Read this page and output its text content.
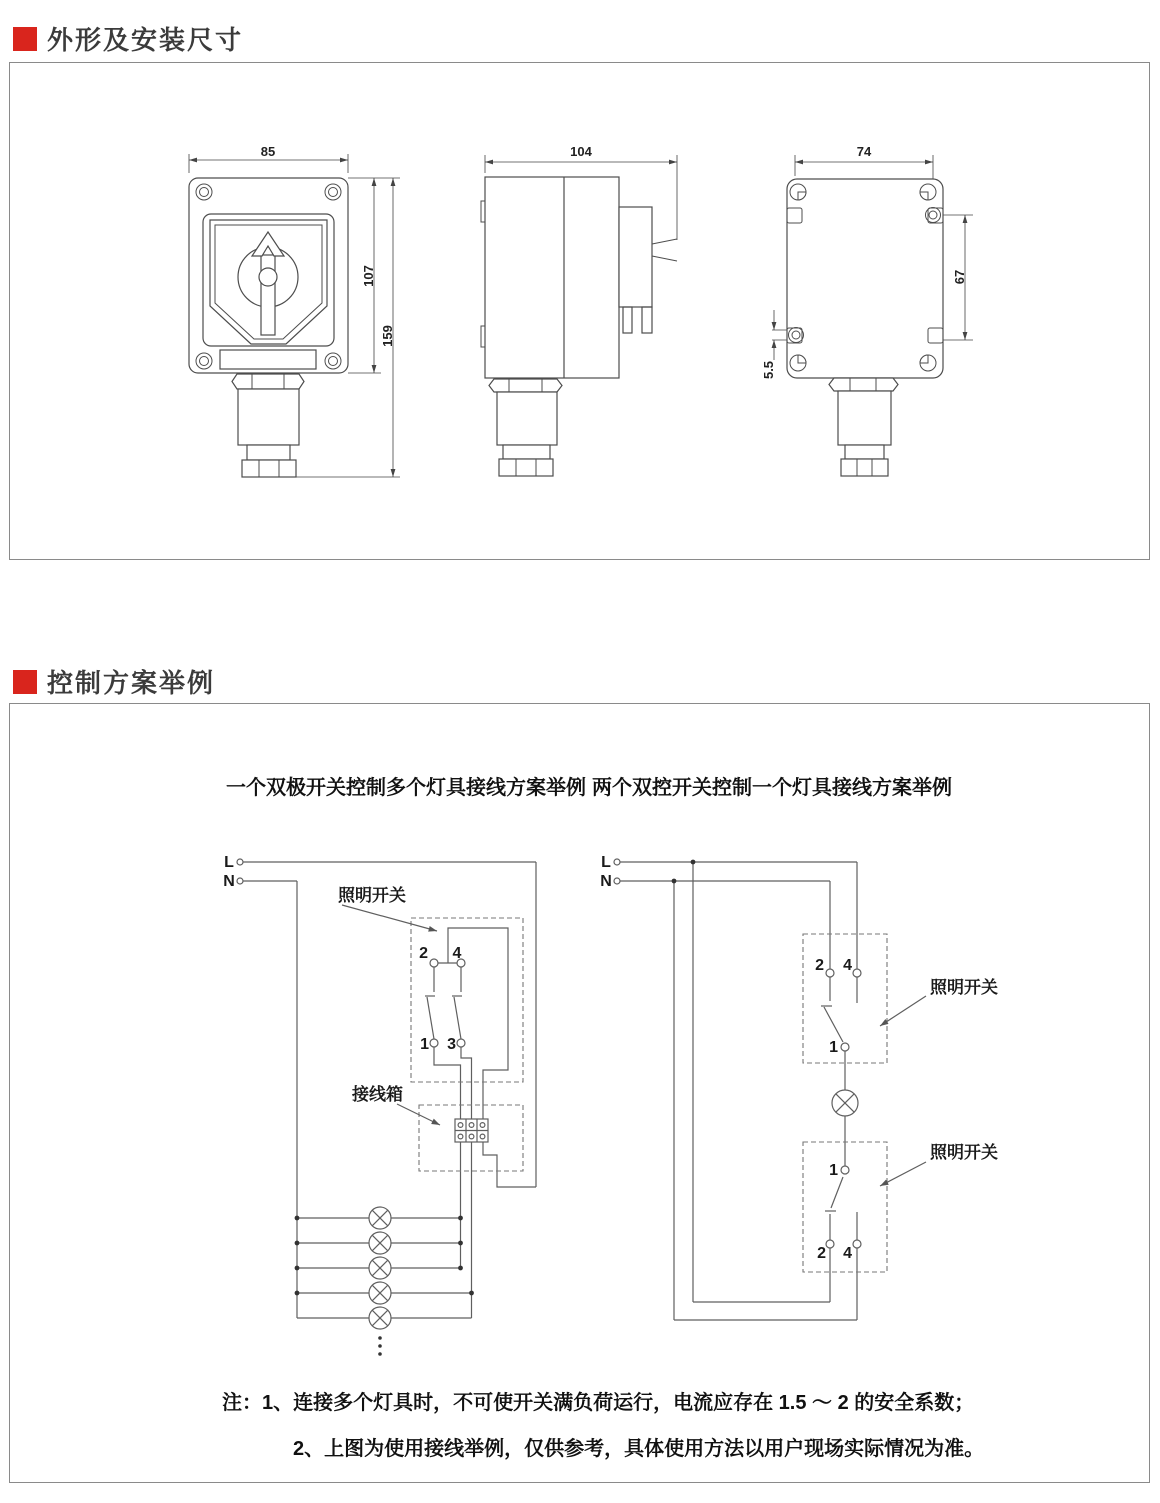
外形及安装尺寸
85
107
159
104	74
67
5.5
控制方案举例
一个双极开关控制多个灯具接线方案举例 两个双控开关控制一个灯具接线方案举例
L
N
2 4
1 3
照明开关
接线箱
L
N
2 4
1
1
2 4
照明开关
照明开关
注：1、连接多个灯具时，不可使开关满负荷运行，电流应存在 1.5 ～ 2 的安全系数；
2、上图为使用接线举例，仅供参考，具体使用方法以用户现场实际情况为准。
